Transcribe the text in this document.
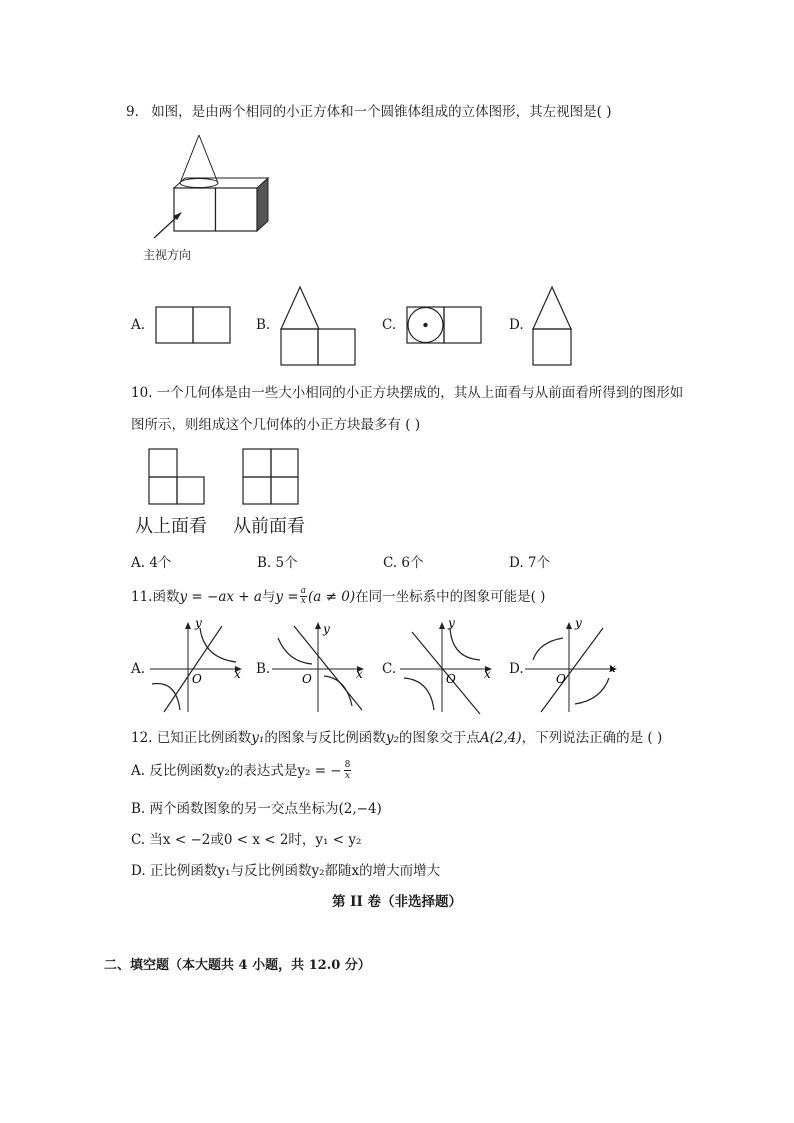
9. 如图，是由两个相同的小正方体和一个圆锥体组成的立体图形，其左视图是( )
主视方向
A.	B.	C.	D.
10. 一个几何体是由一些大小相同的小正方块摆成的，其从上面看与从前面看所得到的图形如
图所示，则组成这个几何体的小正方块最多有 ( )
从上面看 从前面看
A. 4个	B. 5个	C. 6个	D. 7个
11. 函数 y = −ax + a 与 $y = \frac{a}{x} (a \ne 0)$ 在同一坐标系中的图象可能是( )
A.
O	x
y
B.
O	x
y
C.
O x
y
D.
O
x
y
12. 已知正比例函数y₁的图象与反比例函数y₂的图象交于点A(2,4)，下列说法正确的是 ( )
A. 反比例函数y₂的表达式是y₂ = − $\frac{8}{x}$
B. 两个函数图象的另一交点坐标为(2,−4)
C. 当x < −2或0 < x < 2时，y₁ < y₂
D. 正比例函数y₁与反比例函数y₂都随x的增大而增大
第 II 卷（非选择题）
二、填空题（本大题共 4 小题，共 12.0 分）
